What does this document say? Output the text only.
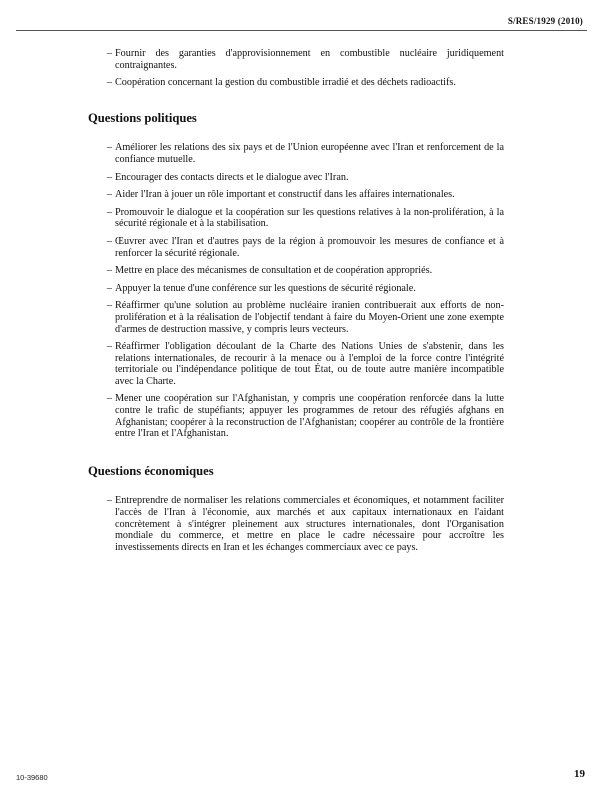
S/RES/1929 (2010)
– Fournir des garanties d'approvisionnement en combustible nucléaire juridiquement contraignantes.
– Coopération concernant la gestion du combustible irradié et des déchets radioactifs.
Questions politiques
– Améliorer les relations des six pays et de l'Union européenne avec l'Iran et renforcement de la confiance mutuelle.
– Encourager des contacts directs et le dialogue avec l'Iran.
– Aider l'Iran à jouer un rôle important et constructif dans les affaires internationales.
– Promouvoir le dialogue et la coopération sur les questions relatives à la non-prolifération, à la sécurité régionale et à la stabilisation.
– Œuvrer avec l'Iran et d'autres pays de la région à promouvoir les mesures de confiance et à renforcer la sécurité régionale.
– Mettre en place des mécanismes de consultation et de coopération appropriés.
– Appuyer la tenue d'une conférence sur les questions de sécurité régionale.
– Réaffirmer qu'une solution au problème nucléaire iranien contribuerait aux efforts de non-prolifération et à la réalisation de l'objectif tendant à faire du Moyen-Orient une zone exempte d'armes de destruction massive, y compris leurs vecteurs.
– Réaffirmer l'obligation découlant de la Charte des Nations Unies de s'abstenir, dans les relations internationales, de recourir à la menace ou à l'emploi de la force contre l'intégrité territoriale ou l'indépendance politique de tout État, ou de toute autre manière incompatible avec la Charte.
– Mener une coopération sur l'Afghanistan, y compris une coopération renforcée dans la lutte contre le trafic de stupéfiants; appuyer les programmes de retour des réfugiés afghans en Afghanistan; coopérer à la reconstruction de l'Afghanistan; coopérer au contrôle de la frontière entre l'Iran et l'Afghanistan.
Questions économiques
– Entreprendre de normaliser les relations commerciales et économiques, et notamment faciliter l'accès de l'Iran à l'économie, aux marchés et aux capitaux internationaux en l'aidant concrètement à s'intégrer pleinement aux structures internationales, dont l'Organisation mondiale du commerce, et mettre en place le cadre nécessaire pour accroître les investissements directs en Iran et les échanges commerciaux avec ce pays.
10-39680	19
